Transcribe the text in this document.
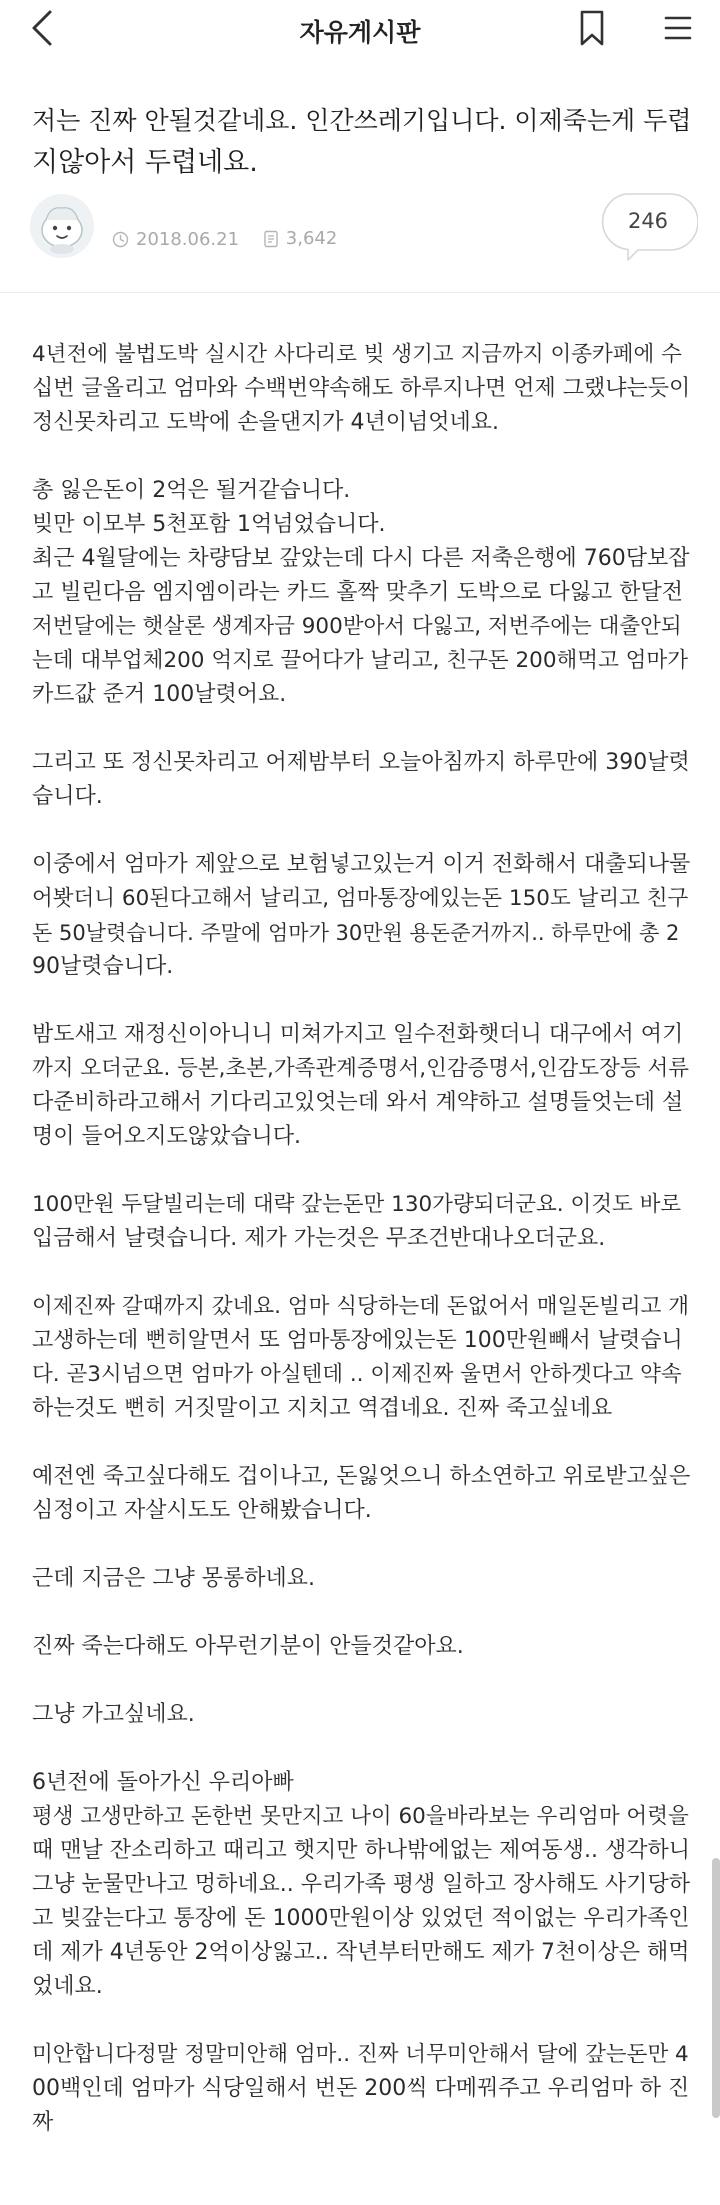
자유게시판
저는 진짜 안될것같네요. 인간쓰레기입니다. 이제죽는게 두렵
지않아서 두렵네요.
2018.06.21
	3,642
246

4년전에 불법도박 실시간 사다리로 빚 생기고 지금까지 이종카페에 수
십번 글올리고 엄마와 수백번약속해도 하루지나면 언제 그랬냐는듯이
정신못차리고 도박에 손을댄지가 4년이넘엇네요.

총 잃은돈이 2억은 될거같습니다.
빚만 이모부 5천포함 1억넘었습니다.
최근 4월달에는 차량담보 갚았는데 다시 다른 저축은행에 760담보잡
고 빌린다음 엠지엠이라는 카드 홀짝 맞추기 도박으로 다잃고 한달전
저번달에는 햇살론 생계자금 900받아서 다잃고, 저번주에는 대출안되
는데 대부업체200 억지로 끌어다가 날리고, 친구돈 200해먹고 엄마가
카드값 준거 100날렷어요.

그리고 또 정신못차리고 어제밤부터 오늘아침까지 하루만에 390날렷
습니다.

이중에서 엄마가 제앞으로 보험넣고있는거 이거 전화해서 대출되나물
어봣더니 60된다고해서 날리고, 엄마통장에있는돈 150도 날리고 친구
돈 50날렷습니다. 주말에 엄마가 30만원 용돈준거까지.. 하루만에 총 2
90날렷습니다.

밤도새고 재정신이아니니 미쳐가지고 일수전화햇더니 대구에서 여기
까지 오더군요. 등본,초본,가족관계증명서,인감증명서,인감도장등 서류
다준비하라고해서 기다리고있엇는데 와서 계약하고 설명들엇는데 설
명이 들어오지도않았습니다.

100만원 두달빌리는데 대략 갚는돈만 130가량되더군요. 이것도 바로
입금해서 날렷습니다. 제가 가는것은 무조건반대나오더군요.

이제진짜 갈때까지 갔네요. 엄마 식당하는데 돈없어서 매일돈빌리고 개
고생하는데 뻔히알면서 또 엄마통장에있는돈 100만원빼서 날렷습니
다. 곧3시넘으면 엄마가 아실텐데 .. 이제진짜 울면서 안하겟다고 약속
하는것도 뻔히 거짓말이고 지치고 역겹네요. 진짜 죽고싶네요

예전엔 죽고싶다해도 겁이나고, 돈잃엇으니 하소연하고 위로받고싶은
심정이고 자살시도도 안해봤습니다.

근데 지금은 그냥 몽롱하네요.

진짜 죽는다해도 아무런기분이 안들것같아요.

그냥 가고싶네요.

6년전에 돌아가신 우리아빠
평생 고생만하고 돈한번 못만지고 나이 60을바라보는 우리엄마 어렷을
때 맨날 잔소리하고 때리고 햇지만 하나밖에없는 제여동생.. 생각하니
그냥 눈물만나고 멍하네요.. 우리가족 평생 일하고 장사해도 사기당하
고 빚갚는다고 통장에 돈 1000만원이상 있었던 적이없는 우리가족인
데 제가 4년동안 2억이상잃고.. 작년부터만해도 제가 7천이상은 해먹
었네요.

미안합니다정말 정말미안해 엄마.. 진짜 너무미안해서 달에 갚는돈만 4
00백인데 엄마가 식당일해서 번돈 200씩 다메꿔주고 우리엄마 하 진
짜
